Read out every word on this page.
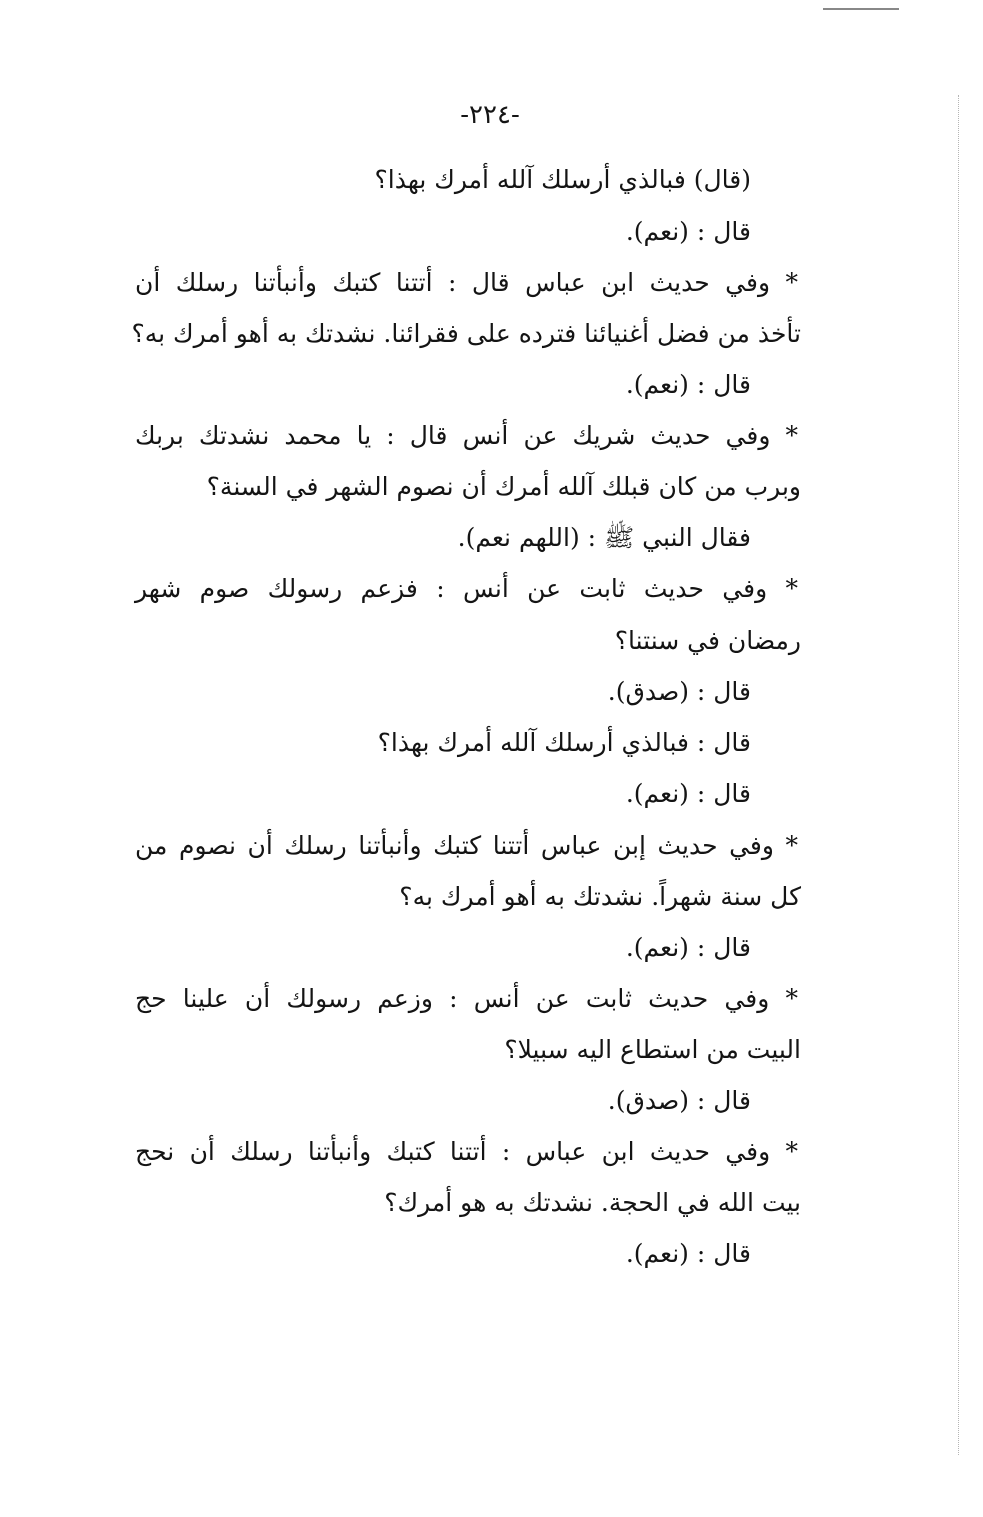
-٢٢٤-
(قال) فبالذي أرسلك آلله أمرك بهذا؟
قال : (نعم).
* وفي حديث ابن عباس قال : أتتنا كتبك وأنبأتنا رسلك أن
تأخذ من فضل أغنيائنا فترده على فقرائنا. نشدتك به أهو أمرك به؟
قال : (نعم).
* وفي حديث شريك عن أنس قال : يا محمد نشدتك بربك
وبرب من كان قبلك آلله أمرك أن نصوم الشهر في السنة؟
فقال النبي ﷺ : (اللهم نعم).
* وفي حديث ثابت عن أنس : فزعم رسولك صوم شهر
رمضان في سنتنا؟
قال : (صدق).
قال : فبالذي أرسلك آلله أمرك بهذا؟
قال : (نعم).
* وفي حديث إبن عباس أتتنا كتبك وأنبأتنا رسلك أن نصوم من
كل سنة شهراً. نشدتك به أهو أمرك به؟
قال : (نعم).
* وفي حديث ثابت عن أنس : وزعم رسولك أن علينا حج
البيت من استطاع اليه سبيلا؟
قال : (صدق).
* وفي حديث ابن عباس : أتتنا كتبك وأنبأتنا رسلك أن نحج
بيت الله في الحجة. نشدتك به هو أمرك؟
قال : (نعم).
